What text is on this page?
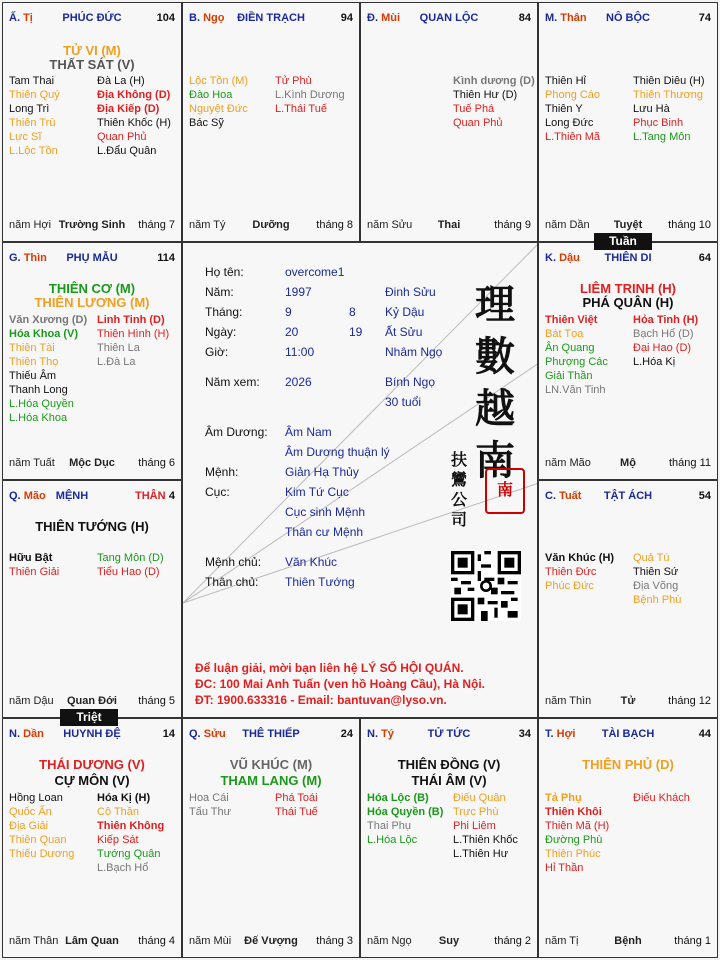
Ấ. Tị	PHÚC ĐỨC	104
TỬ VI (M)
THẤT SÁT (V)
Tam Thai
Thiên Quý
Long Trì
Thiên Trù
Lực Sĩ
L.Lộc Tồn
Đà La (H)
Địa Không (D)
Địa Kiếp (D)
Thiên Khốc (H)
Quan Phủ
L.Đẩu Quân
năm Hợi Trường Sinh	tháng 7
B. Ngọ	ĐIỀN TRẠCH	94
Lộc Tồn (M)
Đào Hoa
Nguyệt Đức
Bác Sỹ
Tử Phù
L.Kình Dương
L.Thái Tuế
năm Tý	Dưỡng	tháng 8
Đ. Mùi	QUAN LỘC	84
Kình dương (D)
Thiên Hư (D)
Tuế Phá
Quan Phủ
năm Sửu	Thai	tháng 9
M. Thân	NÔ BỘC	74
Thiên Hỉ
Phong Cáo
Thiên Y
Long Đức
L.Thiên Mã
Thiên Diêu (H)
Thiên Thương
Lưu Hà
Phục Binh
L.Tang Môn
năm Dần	Tuyệt	tháng 10
G. Thìn	PHỤ MẪU	114
THIÊN CƠ (M)
THIÊN LƯƠNG (M)
Văn Xương (D)
Hóa Khoa (V)
Thiên Tài
Thiên Thọ
Thiếu Âm
Thanh Long
L.Hóa Quyền
L.Hóa Khoa
Linh Tinh (D)
Thiên Hình (H)
Thiên La
L.Đà La
năm Tuất	Mộc Dục	tháng 6
K. Dậu	THIÊN DI	64
LIÊM TRINH (H)
PHÁ QUÂN (H)
Thiên Việt
Bát Tọa
Ân Quang
Phượng Các
Giải Thần
LN.Văn Tinh
Hỏa Tinh (H)
Bạch Hổ (D)
Đại Hao (D)
L.Hóa Kị
năm Mão	Mộ	tháng 11
Q. Mão MỆNH	THÂN 4
THIÊN TƯỚNG (H)
Hữu Bật
Thiên Giải
Tang Môn (D)
Tiểu Hao (D)
năm Dậu	Quan Đới	tháng 5
C. Tuất	TẬT ÁCH	54
Văn Khúc (H)
Thiên Đức
Phúc Đức
Quả Tú
Thiên Sứ
Địa Võng
Bệnh Phù
năm Thìn	Tử	tháng 12
N. Dần	HUYNH ĐỆ	14
THÁI DƯƠNG (V)
CỰ MÔN (V)
Hồng Loan
Quốc Ấn
Địa Giải
Thiên Quan
Thiếu Dương
Hóa Kị (H)
Cô Thần
Thiên Không
Kiếp Sát
Tướng Quân
L.Bạch Hổ
năm Thân Lâm Quan	tháng 4
Q. Sửu	THÊ THIẾP	24
VŨ KHÚC (M)
THAM LANG (M)
Hoa Cái
Tấu Thư
Phá Toái
Thái Tuế
năm Mùi	Đế Vượng	tháng 3
N. Tý	TỬ TỨC	34
THIÊN ĐỒNG (V)
THÁI ÂM (V)
Hóa Lộc (B)
Hóa Quyền (B)
Thai Phụ
L.Hóa Lộc
Điếu Quân
Trực Phù
Phi Liêm
L.Thiên Khốc
L.Thiên Hư
năm Ngọ	Suy	tháng 2
T. Hợi	TÀI BẠCH	44
THIÊN PHỦ (D)
Tả Phụ
Thiên Khôi
Thiên Mã (H)
Đường Phù
Thiên Phúc
Hỉ Thần
Điếu Khách
năm Tị	Bệnh	tháng 1
Tuần
Triệt
Họ tên:	overcome1
Năm:	1997	Đinh Sửu
Tháng:	9	8 Kỷ Dậu
Ngày:	20	19 Ất Sửu
Giờ:	11:00	Nhâm Ngọ
Năm xem: 2026	Bính Ngọ
30 tuổi
Âm Dương: Âm Nam
Âm Dương thuận lý
Mệnh:	Giản Hạ Thủy
Cục:	Kim Tứ Cục
Cục sinh Mệnh
Thân cư Mệnh
Mệnh chủ: Văn Khúc
Thân chủ: Thiên Tướng
理
數
越
南
扶
鸞
公
司
南
Để luận giải, mời bạn liên hệ LÝ SỐ HỘI QUÁN.
ĐC: 100 Mai Anh Tuấn (ven hồ Hoàng Cầu), Hà Nội.
ĐT: 1900.633316 - Email: bantuvan@lyso.vn.
